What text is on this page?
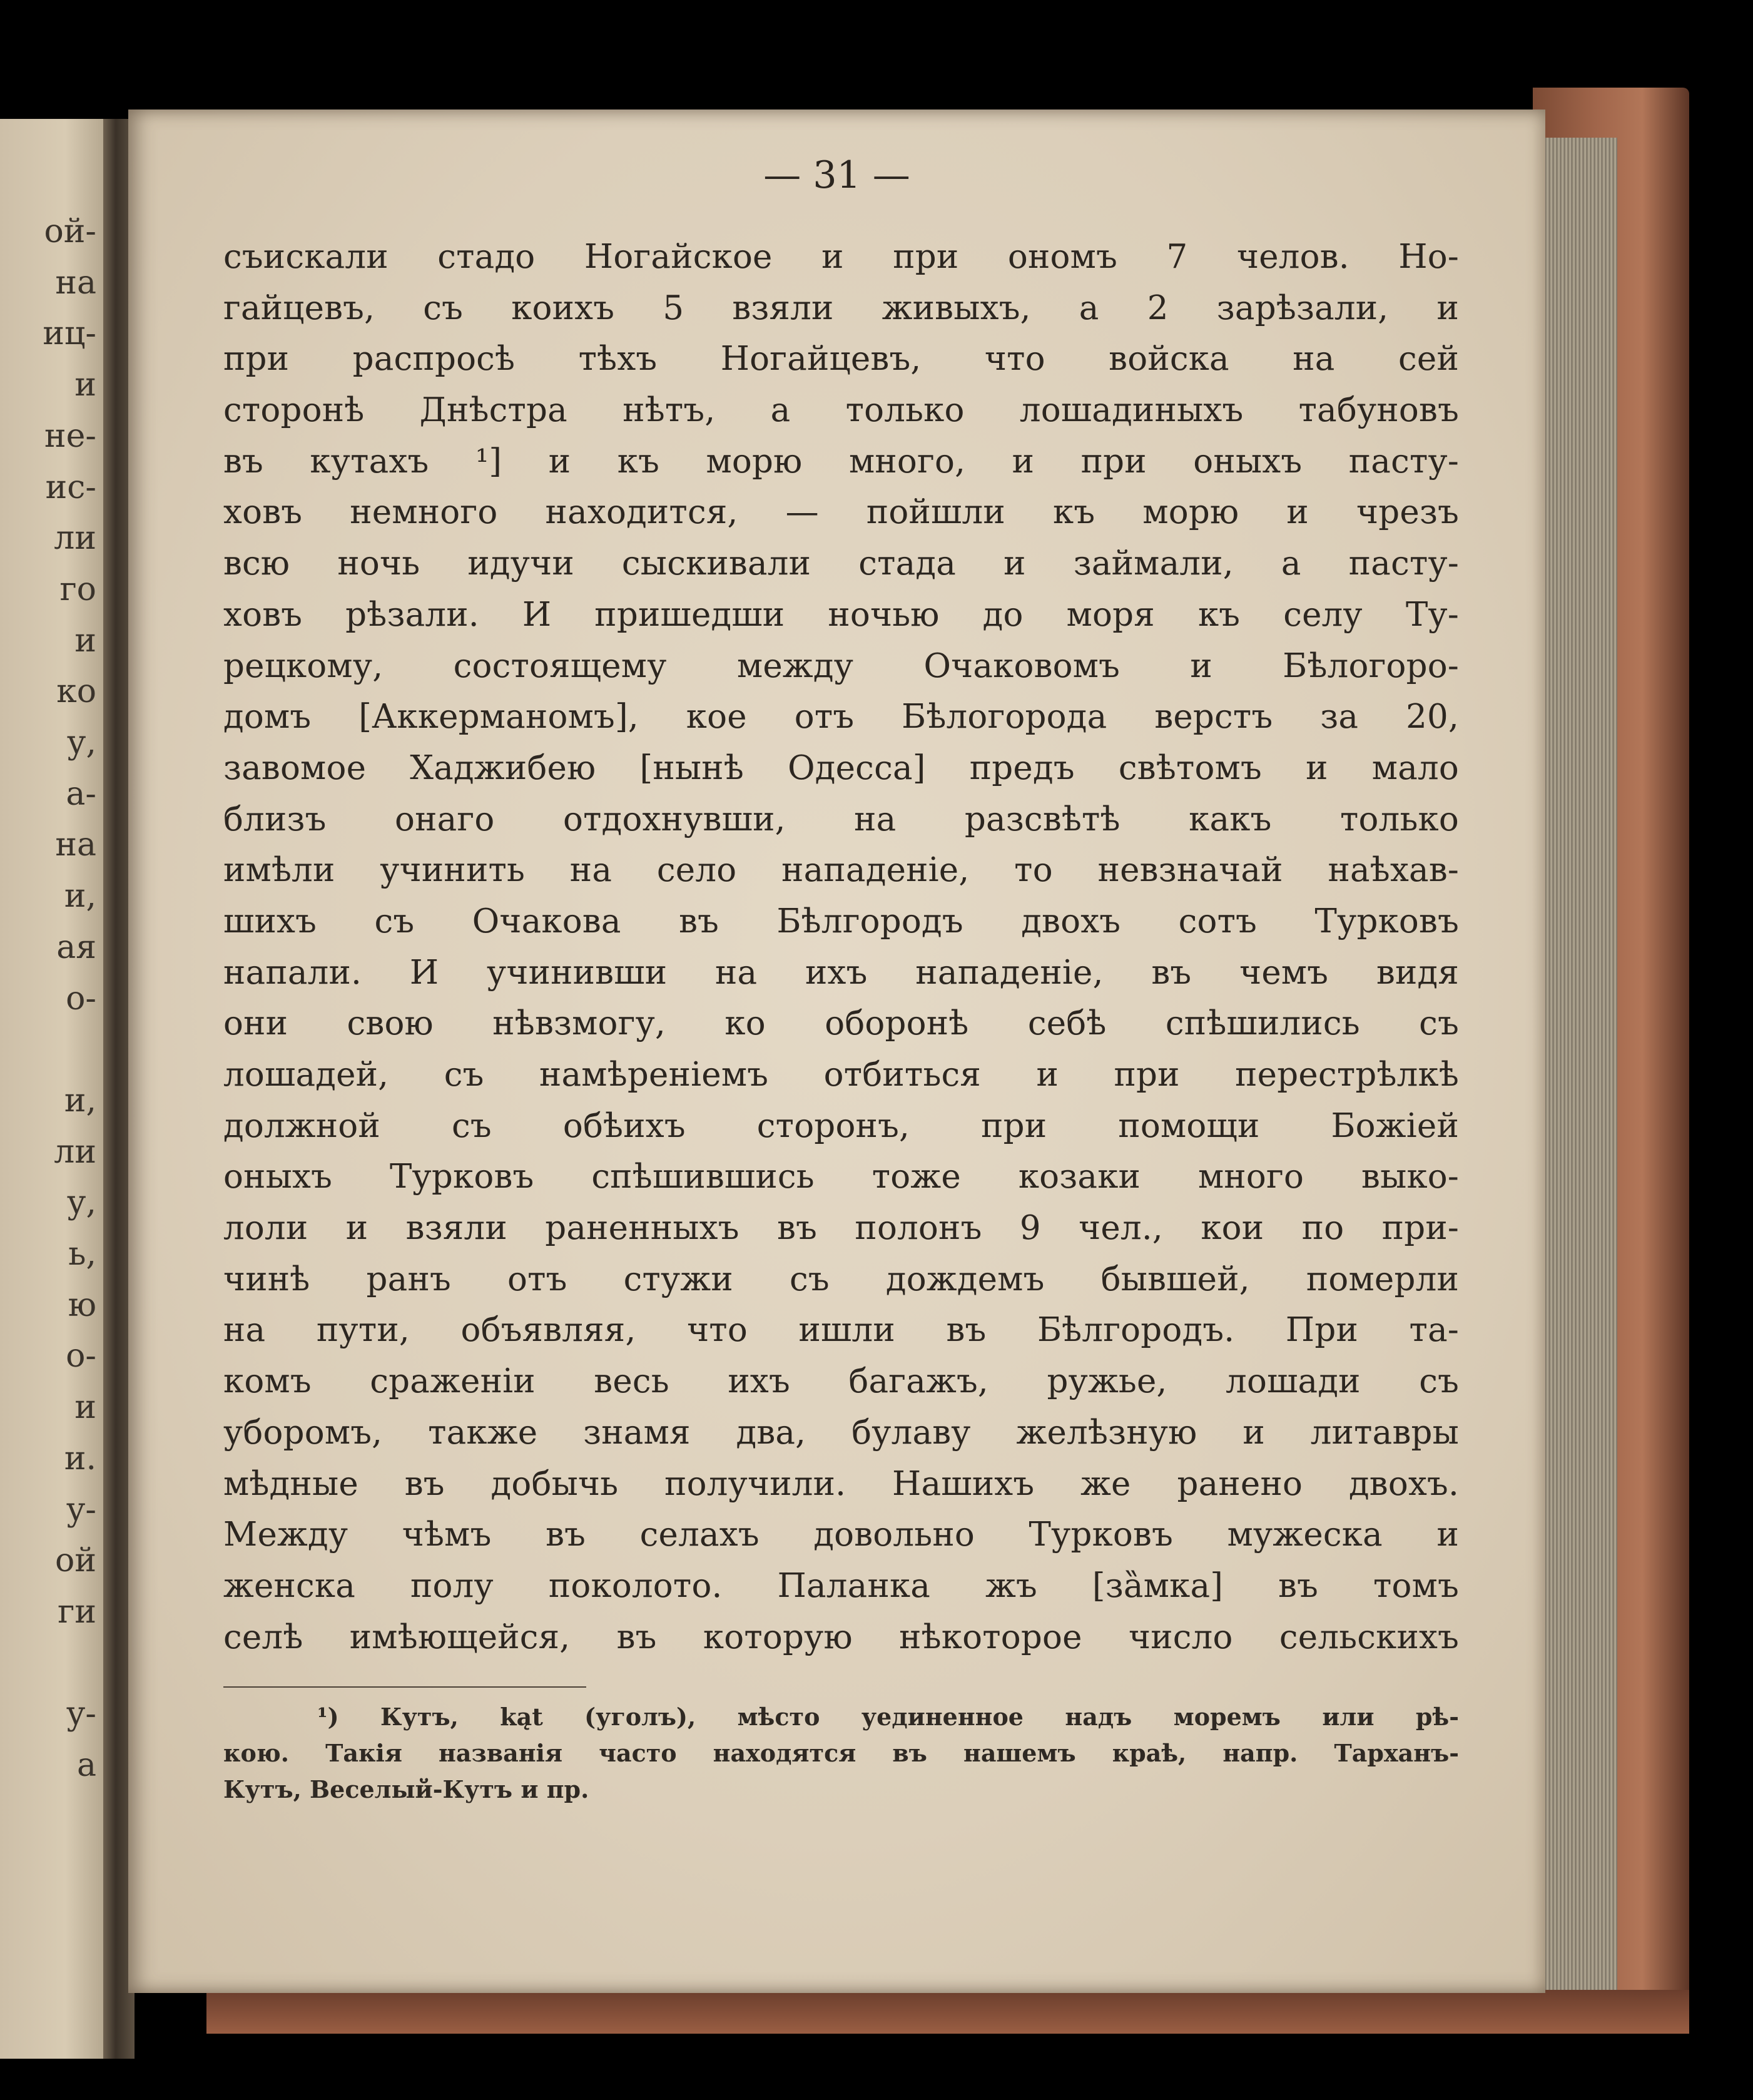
ой-
на
иц-
и
не-
ис-
ли
го
и
ко
у,
а-
на
и,
ая
о-
и,
ли
у,
ь,
ю
о-
и
и.
у-
ой
ги
у-
а
— 31 —
съискали стадо Ногайское и при ономъ 7 челов. Но-
гайцевъ, съ коихъ 5 взяли живыхъ, а 2 зарѣзали, и
при распросѣ тѣхъ Ногайцевъ, что войска на сей
сторонѣ Днѣстра нѣтъ, а только лошадиныхъ табуновъ
въ кутахъ ¹] и къ морю много, и при оныхъ пасту-
ховъ немного находится, — пойшли къ морю и чрезъ
всю ночь идучи сыскивали стада и займали, а пасту-
ховъ рѣзали. И пришедши ночью до моря къ селу Ту-
рецкому, состоящему между Очаковомъ и Бѣлогоро-
домъ [Аккерманомъ], кое отъ Бѣлогорода верстъ за 20,
завомое Хаджибею [нынѣ Одесса] предъ свѣтомъ и мало
близъ онаго отдохнувши, на разсвѣтѣ какъ только
имѣли учинить на село нападеніе, то невзначай наѣхав-
шихъ съ Очакова въ Бѣлгородъ двохъ сотъ Турковъ
напали. И учинивши на ихъ нападеніе, въ чемъ видя
они свою нѣвзмогу, ко оборонѣ себѣ спѣшились съ
лошадей, съ намѣреніемъ отбиться и при перестрѣлкѣ
должной съ обѣихъ сторонъ, при помощи Божіей
оныхъ Турковъ спѣшившись тоже козаки много выко-
лоли и взяли раненныхъ въ полонъ 9 чел., кои по при-
чинѣ ранъ отъ стужи съ дождемъ бывшей, померли
на пути, объявляя, что ишли въ Бѣлгородъ. При та-
комъ сраженіи весь ихъ багажъ, ружье, лошади съ
уборомъ, также знамя два, булаву желѣзную и литавры
мѣдные въ добычь получили. Нашихъ же ранено двохъ.
Между чѣмъ въ селахъ довольно Турковъ мужеска и
женска полу поколото. Паланка жъ [зȁмка] въ томъ
селѣ имѣющейся, въ которую нѣкоторое число сельскихъ
¹) Кутъ, kąt (уголъ), мѣсто уединенное надъ моремъ или рѣ-
кою. Такія названія часто находятся въ нашемъ краѣ, напр. Тарханъ-
Кутъ, Веселый-Кутъ и пр.
